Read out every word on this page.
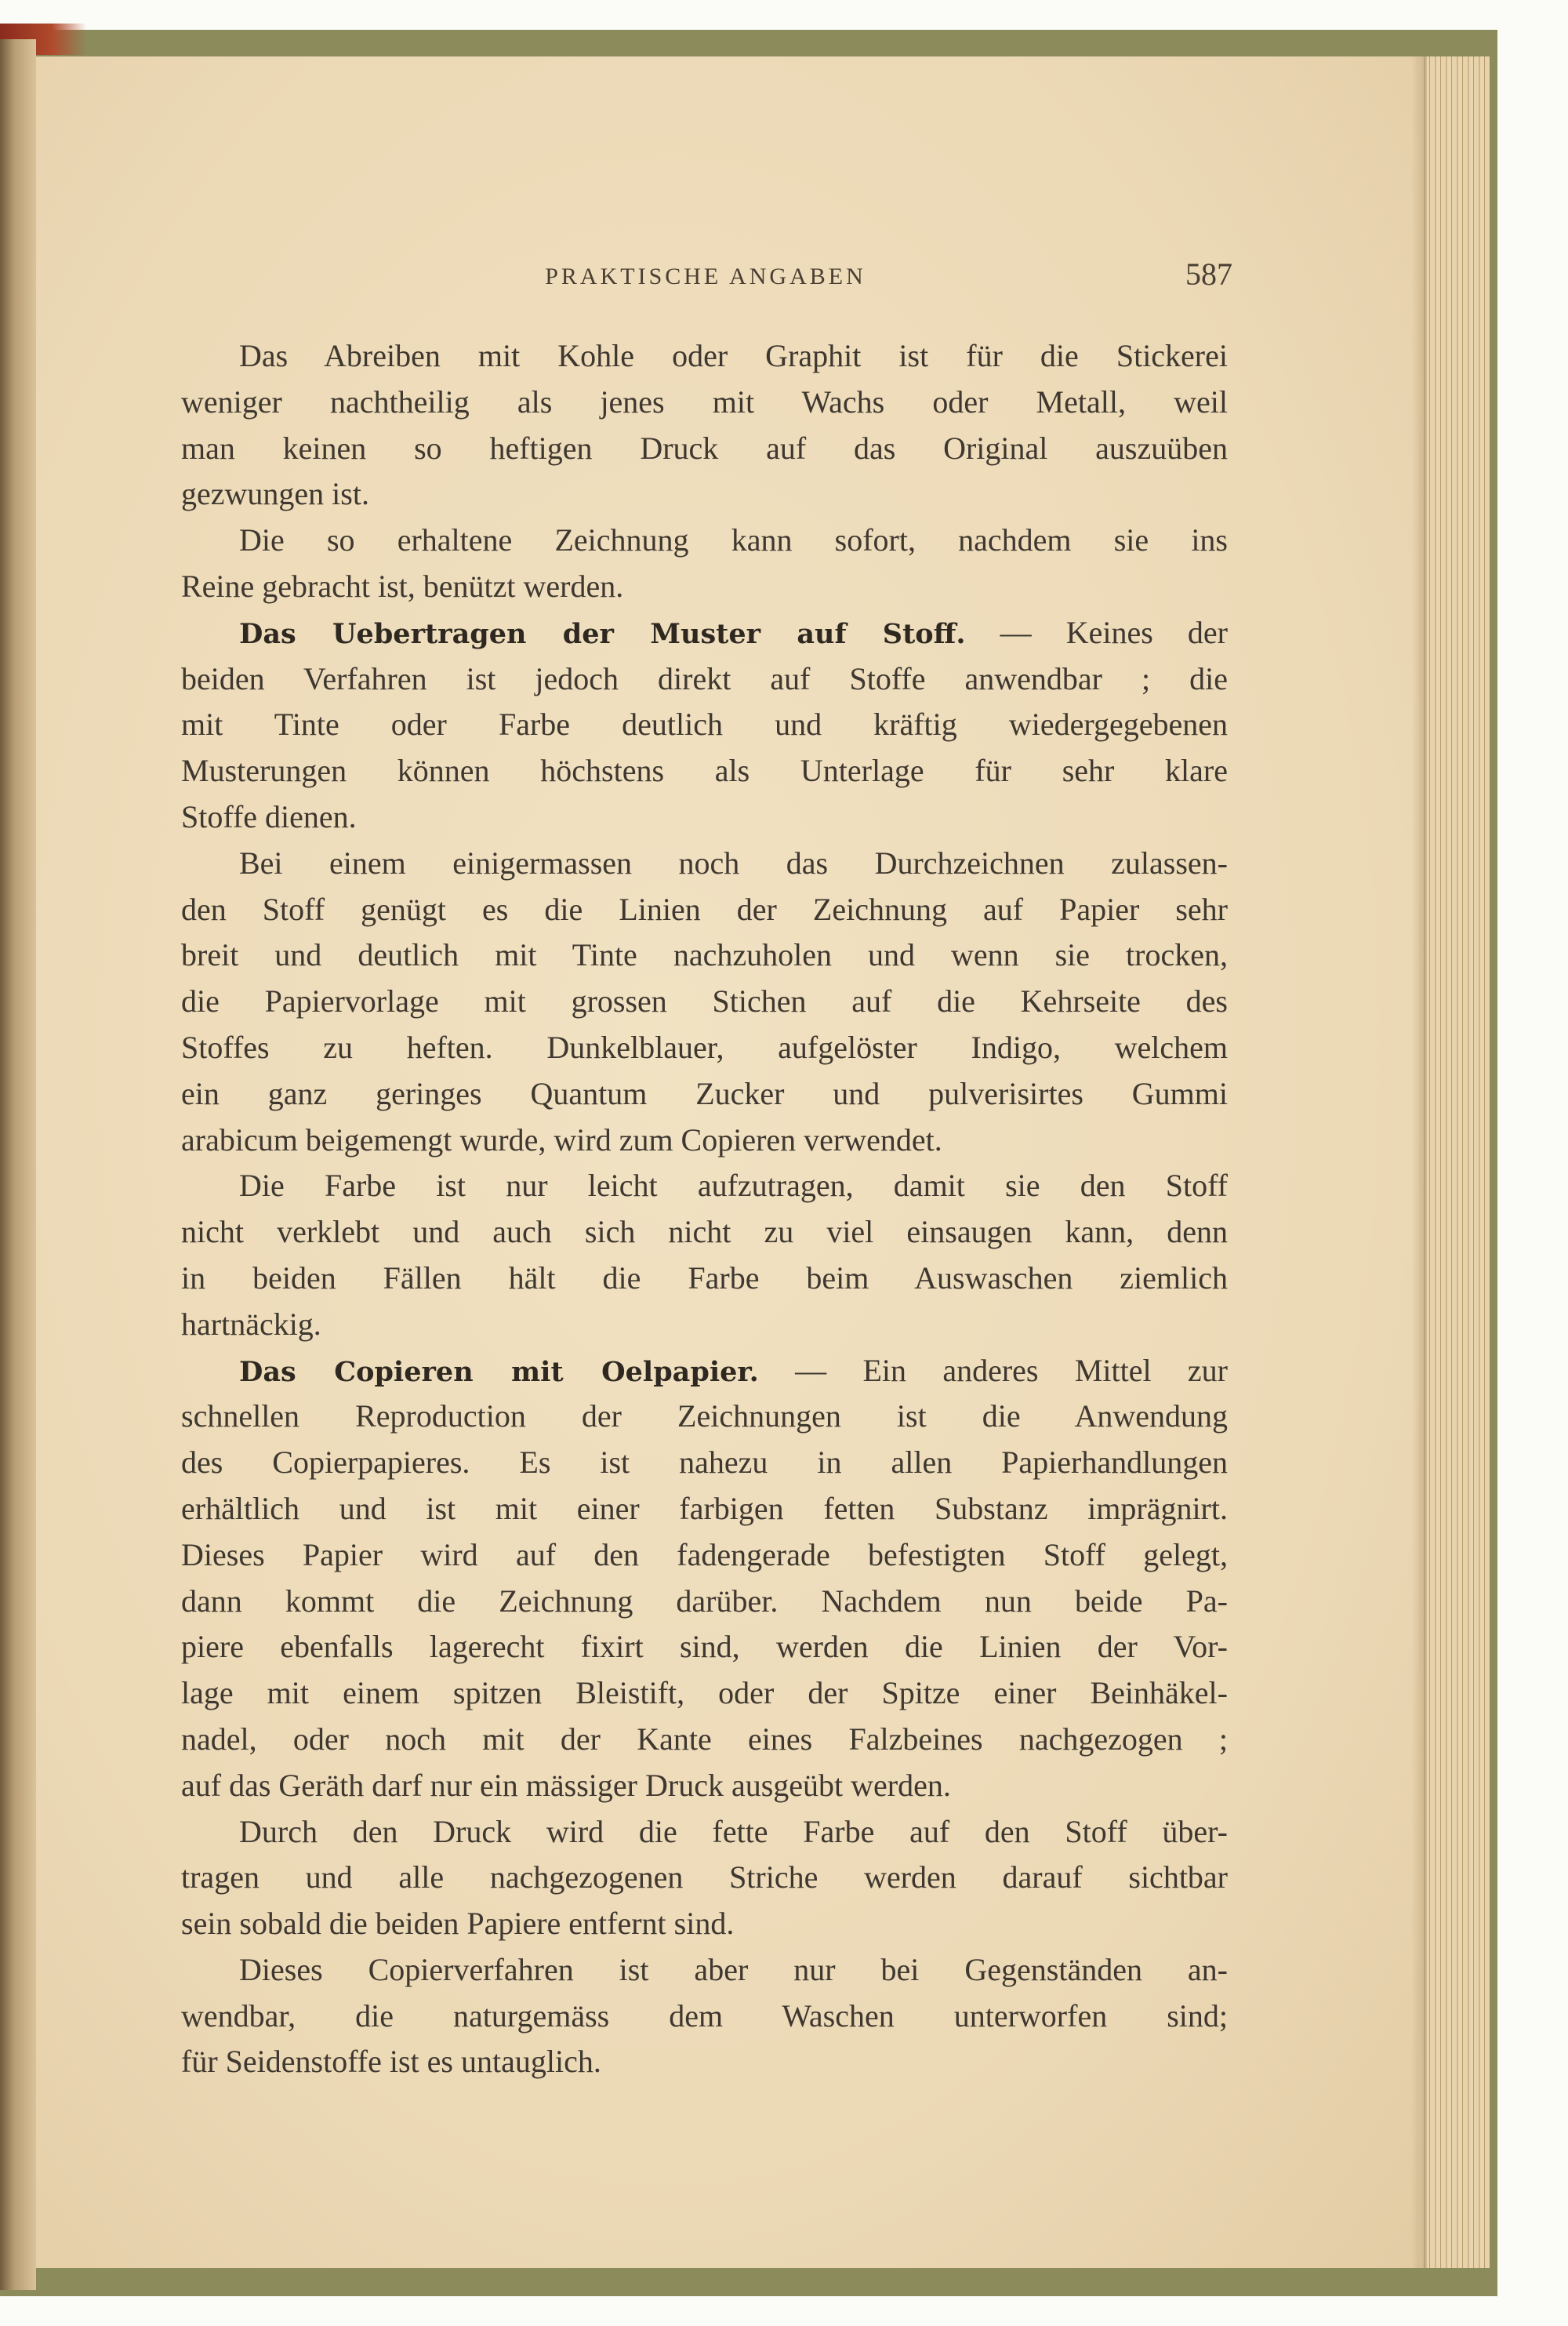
PRAKTISCHE ANGABEN	587
Das Abreiben mit Kohle oder Graphit ist für die Stickerei
weniger nachtheilig als jenes mit Wachs oder Metall, weil
man keinen so heftigen Druck auf das Original auszuüben
gezwungen ist.
Die so erhaltene Zeichnung kann sofort, nachdem sie ins
Reine gebracht ist, benützt werden.
Das Uebertragen der Muster auf Stoff. — Keines der
beiden Verfahren ist jedoch direkt auf Stoffe anwendbar ; die
mit Tinte oder Farbe deutlich und kräftig wiedergegebenen
Musterungen können höchstens als Unterlage für sehr klare
Stoffe dienen.
Bei einem einigermassen noch das Durchzeichnen zulassen-
den Stoff genügt es die Linien der Zeichnung auf Papier sehr
breit und deutlich mit Tinte nachzuholen und wenn sie trocken,
die Papiervorlage mit grossen Stichen auf die Kehrseite des
Stoffes zu heften. Dunkelblauer, aufgelöster Indigo, welchem
ein ganz geringes Quantum Zucker und pulverisirtes Gummi
arabicum beigemengt wurde, wird zum Copieren verwendet.
Die Farbe ist nur leicht aufzutragen, damit sie den Stoff
nicht verklebt und auch sich nicht zu viel einsaugen kann, denn
in beiden Fällen hält die Farbe beim Auswaschen ziemlich
hartnäckig.
Das Copieren mit Oelpapier. — Ein anderes Mittel zur
schnellen Reproduction der Zeichnungen ist die Anwendung
des Copierpapieres. Es ist nahezu in allen Papierhandlungen
erhältlich und ist mit einer farbigen fetten Substanz imprägnirt.
Dieses Papier wird auf den fadengerade befestigten Stoff gelegt,
dann kommt die Zeichnung darüber. Nachdem nun beide Pa-
piere ebenfalls lagerecht fixirt sind, werden die Linien der Vor-
lage mit einem spitzen Bleistift, oder der Spitze einer Beinhäkel-
nadel, oder noch mit der Kante eines Falzbeines nachgezogen ;
auf das Geräth darf nur ein mässiger Druck ausgeübt werden.
Durch den Druck wird die fette Farbe auf den Stoff über-
tragen und alle nachgezogenen Striche werden darauf sichtbar
sein sobald die beiden Papiere entfernt sind.
Dieses Copierverfahren ist aber nur bei Gegenständen an-
wendbar, die naturgemäss dem Waschen unterworfen sind;
für Seidenstoffe ist es untauglich.
